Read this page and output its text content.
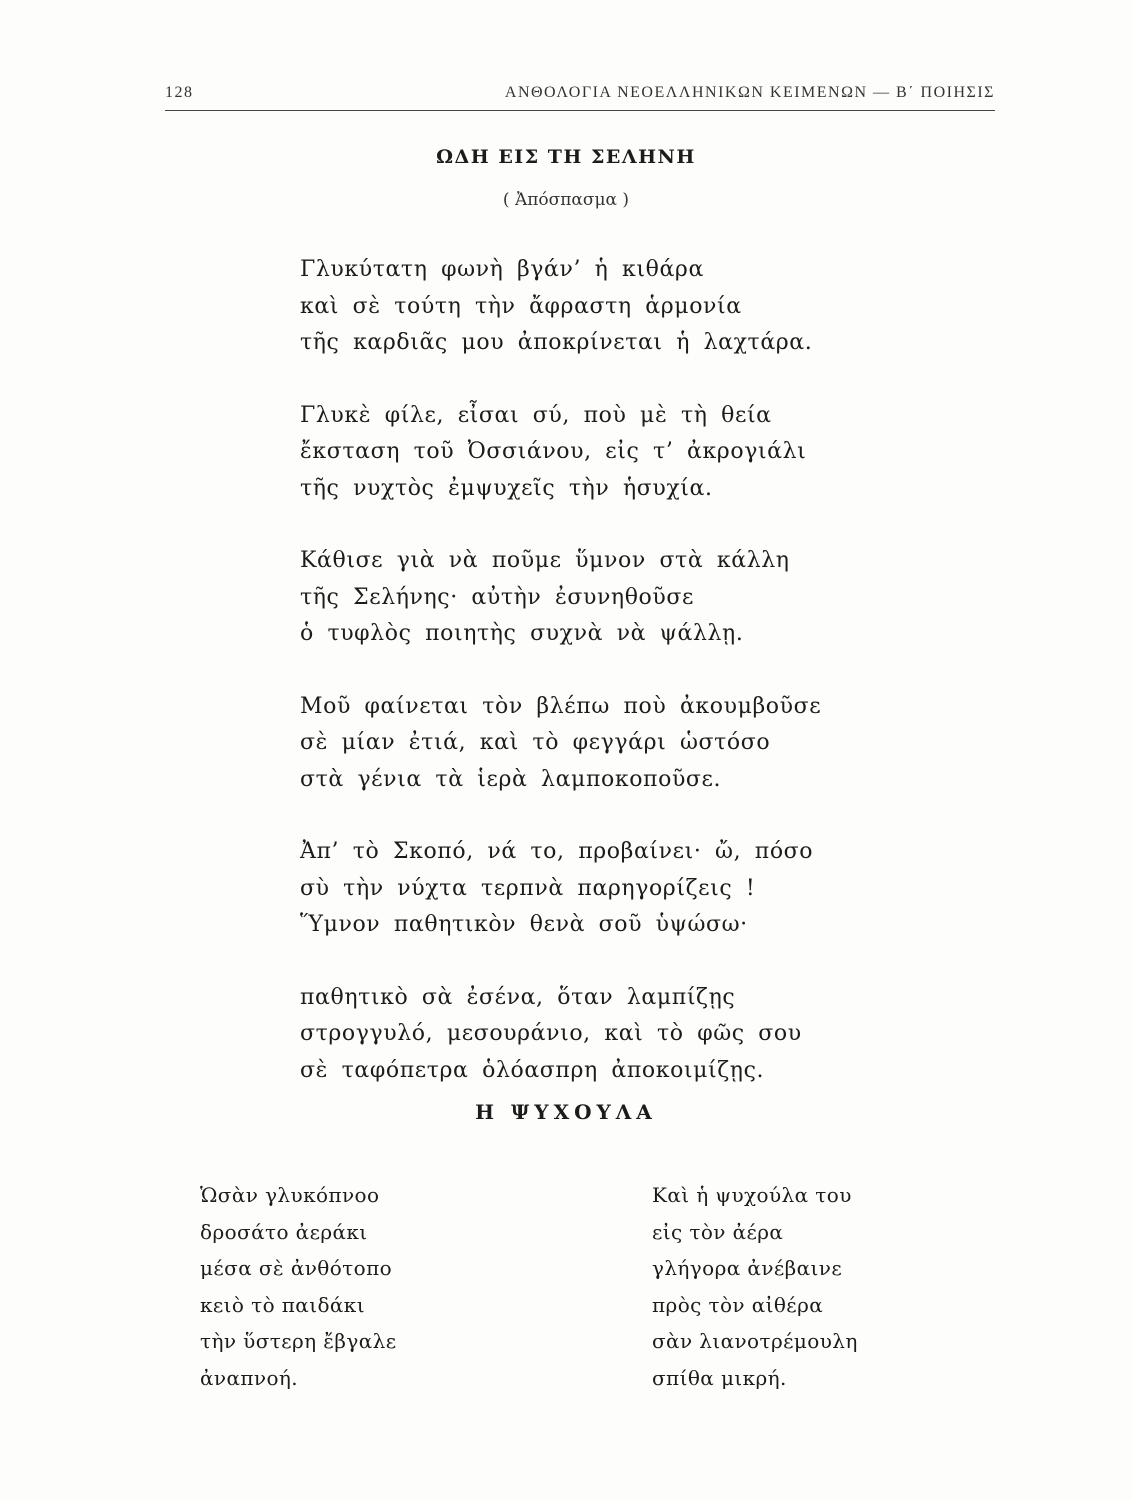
128	ΑΝΘΟΛΟΓΙΑ ΝΕΟΕΛΛΗΝΙΚΩΝ ΚΕΙΜΕΝΩΝ — Β΄ ΠΟΙΗΣΙΣ
ΩΔΗ ΕΙΣ ΤΗ ΣΕΛΗΝΗ
( Ἀπόσπασμα )
Γλυκύτατη φωνὴ βγάν’ ἡ κιθάρα
καὶ σὲ τούτη τὴν ἄφραστη ἁρμονία
τῆς καρδιᾶς μου ἀποκρίνεται ἡ λαχτάρα.
Γλυκὲ φίλε, εἶσαι σύ, ποὺ μὲ τὴ θεία
ἔκσταση τοῦ Ὀσσιάνου, εἰς τ’ ἀκρογιάλι
τῆς νυχτὸς ἐμψυχεῖς τὴν ἡσυχία.
Κάθισε γιὰ νὰ ποῦμε ὕμνον στὰ κάλλη
τῆς Σελήνης· αὐτὴν ἐσυνηθοῦσε
ὁ τυφλὸς ποιητὴς συχνὰ νὰ ψάλλῃ.
Μοῦ φαίνεται τὸν βλέπω ποὺ ἀκουμβοῦσε
σὲ μίαν ἐτιά, καὶ τὸ φεγγάρι ὡστόσο
στὰ γένια τὰ ἱερὰ λαμποκοποῦσε.
Ἀπ’ τὸ Σκοπό, νά το, προβαίνει· ὤ, πόσο
σὺ τὴν νύχτα τερπνὰ παρηγορίζεις !
Ὕμνον παθητικὸν θενὰ σοῦ ὑψώσω·
παθητικὸ σὰ ἐσένα, ὅταν λαμπίζῃς
στρογγυλό, μεσουράνιο, καὶ τὸ φῶς σου
σὲ ταφόπετρα ὁλόασπρη ἀποκοιμίζῃς.
Η ΨΥΧΟΥΛΑ
Ὡσὰν γλυκόπνοο
δροσάτο ἀεράκι
μέσα σὲ ἀνθότοπο
κειὸ τὸ παιδάκι
τὴν ὕστερη ἔβγαλε
ἀναπνοή.
Καὶ ἡ ψυχούλα του
εἰς τὸν ἀέρα
γλήγορα ἀνέβαινε
πρὸς τὸν αἰθέρα
σὰν λιανοτρέμουλη
σπίθα μικρή.
